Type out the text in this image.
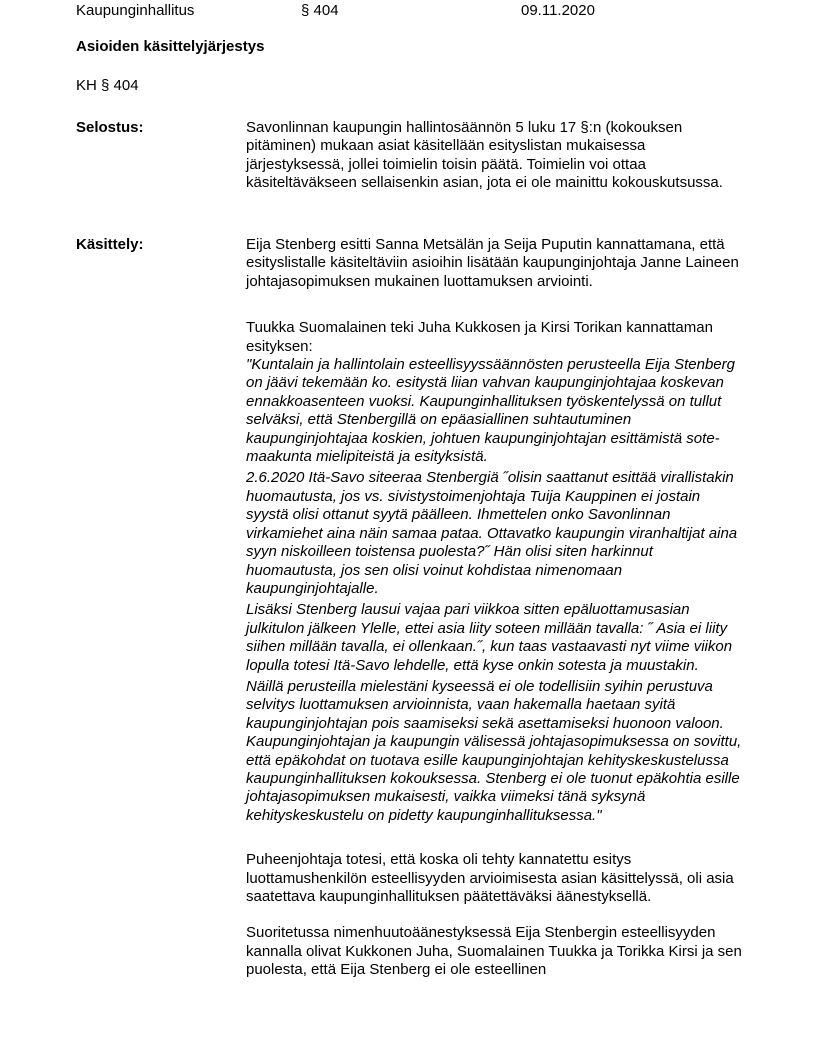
Kaupunginhallitus	§ 404	09.11.2020
Asioiden käsittelyjärjestys
KH § 404
Selostus:	Savonlinnan kaupungin hallintosäännön 5 luku 17 §:n (kokouksen pitäminen) mukaan asiat käsitellään esityslistan mukaisessa järjestyksessä, jollei toimielin toisin päätä. Toimielin voi ottaa käsiteltäväkseen sellaisenkin asian, jota ei ole mainittu kokouskutsussa.

Käsittely:	Eija Stenberg esitti Sanna Metsälän ja Seija Puputin kannattamana, että esityslistalle käsiteltäviin asioihin lisätään kaupunginjohtaja Janne Laineen johtajasopimuksen mukainen luottamuksen arviointi.

Tuukka Suomalainen teki Juha Kukkosen ja Kirsi Torikan kannattaman esityksen:

"Kuntalain ja hallintolain esteellisyyssäännösten perusteella Eija Stenberg on jäävi tekemään ko. esitystä liian vahvan kaupunginjohtajaa koskevan ennakkoasenteen vuoksi. Kaupunginhallituksen työskentelyssä on tullut selväksi, että Stenbergillä on epäasiallinen suhtautuminen kaupunginjohtajaa koskien, johtuen kaupunginjohtajan esittämistä sote-maakunta mielipiteistä ja esityksistä.

2.6.2020 Itä-Savo siteeraa Stenbergiä ˝olisin saattanut esittää virallistakin huomautusta, jos vs. sivistystoimenjohtaja Tuija Kauppinen ei jostain syystä olisi ottanut syytä päälleen. Ihmettelen onko Savonlinnan virkamiehet aina näin samaa pataa. Ottavatko kaupungin viranhaltijat aina syyn niskoilleen toistensa puolesta?˝ Hän olisi siten harkinnut huomautusta, jos sen olisi voinut kohdistaa nimenomaan kaupunginjohtajalle.

Lisäksi Stenberg lausui vajaa pari viikkoa sitten epäluottamusasian julkitulon jälkeen Ylelle, ettei asia liity soteen millään tavalla: ˝ Asia ei liity siihen millään tavalla, ei ollenkaan.˝, kun taas vastaavasti nyt viime viikon lopulla totesi Itä-Savo lehdelle, että kyse onkin sotesta ja muustakin.

Näillä perusteilla mielestäni kyseessä ei ole todellisiin syihin perustuva selvitys luottamuksen arvioinnista, vaan hakemalla haetaan syitä kaupunginjohtajan pois saamiseksi sekä asettamiseksi huonoon valoon. Kaupunginjohtajan ja kaupungin välisessä johtajasopimuksessa on sovittu, että epäkohdat on tuotava esille kaupunginjohtajan kehityskeskustelussa kaupunginhallituksen kokouksessa. Stenberg ei ole tuonut epäkohtia esille johtajasopimuksen mukaisesti, vaikka viimeksi tänä syksynä kehityskeskustelu on pidetty kaupunginhallituksessa."

Puheenjohtaja totesi, että koska oli tehty kannatettu esitys luottamushenkilön esteellisyyden arvioimisesta asian käsittelyssä, oli asia saatettava kaupunginhallituksen päätettäväksi äänestyksellä.

Suoritetussa nimenhuutoäänestyksessä Eija Stenbergin esteellisyyden kannalla olivat Kukkonen Juha, Suomalainen Tuukka ja Torikka Kirsi ja sen puolesta, että Eija Stenberg ei ole esteellinen
